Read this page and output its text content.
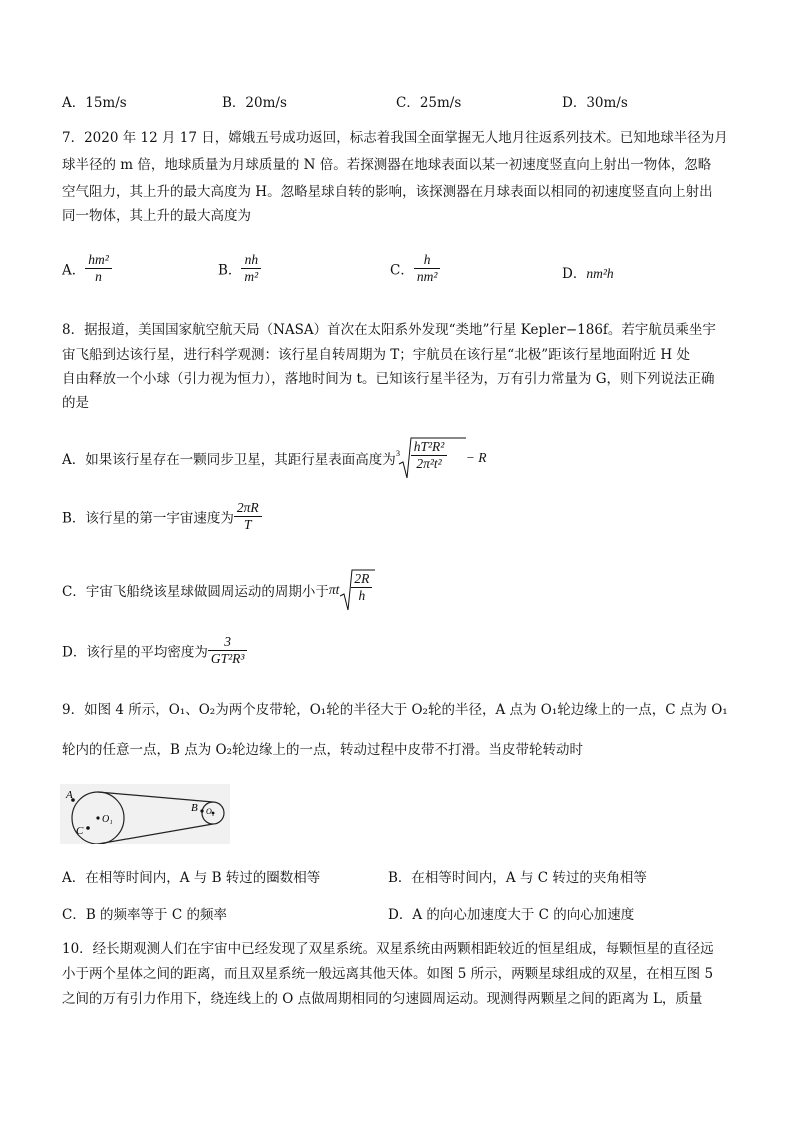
A．15m/s	B．20m/s	C．25m/s	D．30m/s
7．2020 年 12 月 17 日，嫦娥五号成功返回，标志着我国全面掌握无人地月往返系列技术。已知地球半径为月
球半径的 m 倍，地球质量为月球质量的 N 倍。若探测器在地球表面以某一初速度竖直向上射出一物体，忽略
空气阻力，其上升的最大高度为 H。忽略星球自转的影响，该探测器在月球表面以相同的初速度竖直向上射出
同一物体，其上升的最大高度为
A． $\frac{\text{hm²}}{n}$	B． $\frac{nh}{\text{m²}}$	C． $\frac{h}{\text{nm²}}$	D．nm²h
8．据报道，美国国家航空航天局（NASA）首次在太阳系外发现“类地”行星 Kepler−186f。若宇航员乘坐宇
宙飞船到达该行星，进行科学观测：该行星自转周期为 T；宇航员在该行星“北极”距该行星地面附近 H 处
自由释放一个小球（引力视为恒力），落地时间为 t。已知该行星半径为，万有引力常量为 G，则下列说法正确
的是
A．如果该行星存在一颗同步卫星，其距行星表面高度为 $3 \frac{\text{hT²R²}}{\text{2π²t²}} - R$
B．该行星的第一宇宙速度为 $\frac{2\pi R}{T}$
C．宇宙飞船绕该星球做圆周运动的周期小于πt $\frac{2R}{h}$
D．该行星的平均密度为 $\frac{3}{\text{GT²R³}}$
9．如图 4 所示，O₁、O₂为两个皮带轮，O₁轮的半径大于 O₂轮的半径，A 点为 O₁轮边缘上的一点，C 点为 O₁
轮内的任意一点，B 点为 O₂轮边缘上的一点，转动过程中皮带不打滑。当皮带轮转动时
A
C
O₁
B O₂
A．在相等时间内，A 与 B 转过的圈数相等	B．在相等时间内，A 与 C 转过的夹角相等
C．B 的频率等于 C 的频率	D．A 的向心加速度大于 C 的向心加速度
10．经长期观测人们在宇宙中已经发现了双星系统。双星系统由两颗相距较近的恒星组成，每颗恒星的直径远
小于两个星体之间的距离，而且双星系统一般远离其他天体。如图 5 所示，两颗星球组成的双星，在相互图 5
之间的万有引力作用下，绕连线上的 O 点做周期相同的匀速圆周运动。现测得两颗星之间的距离为 L，质量
